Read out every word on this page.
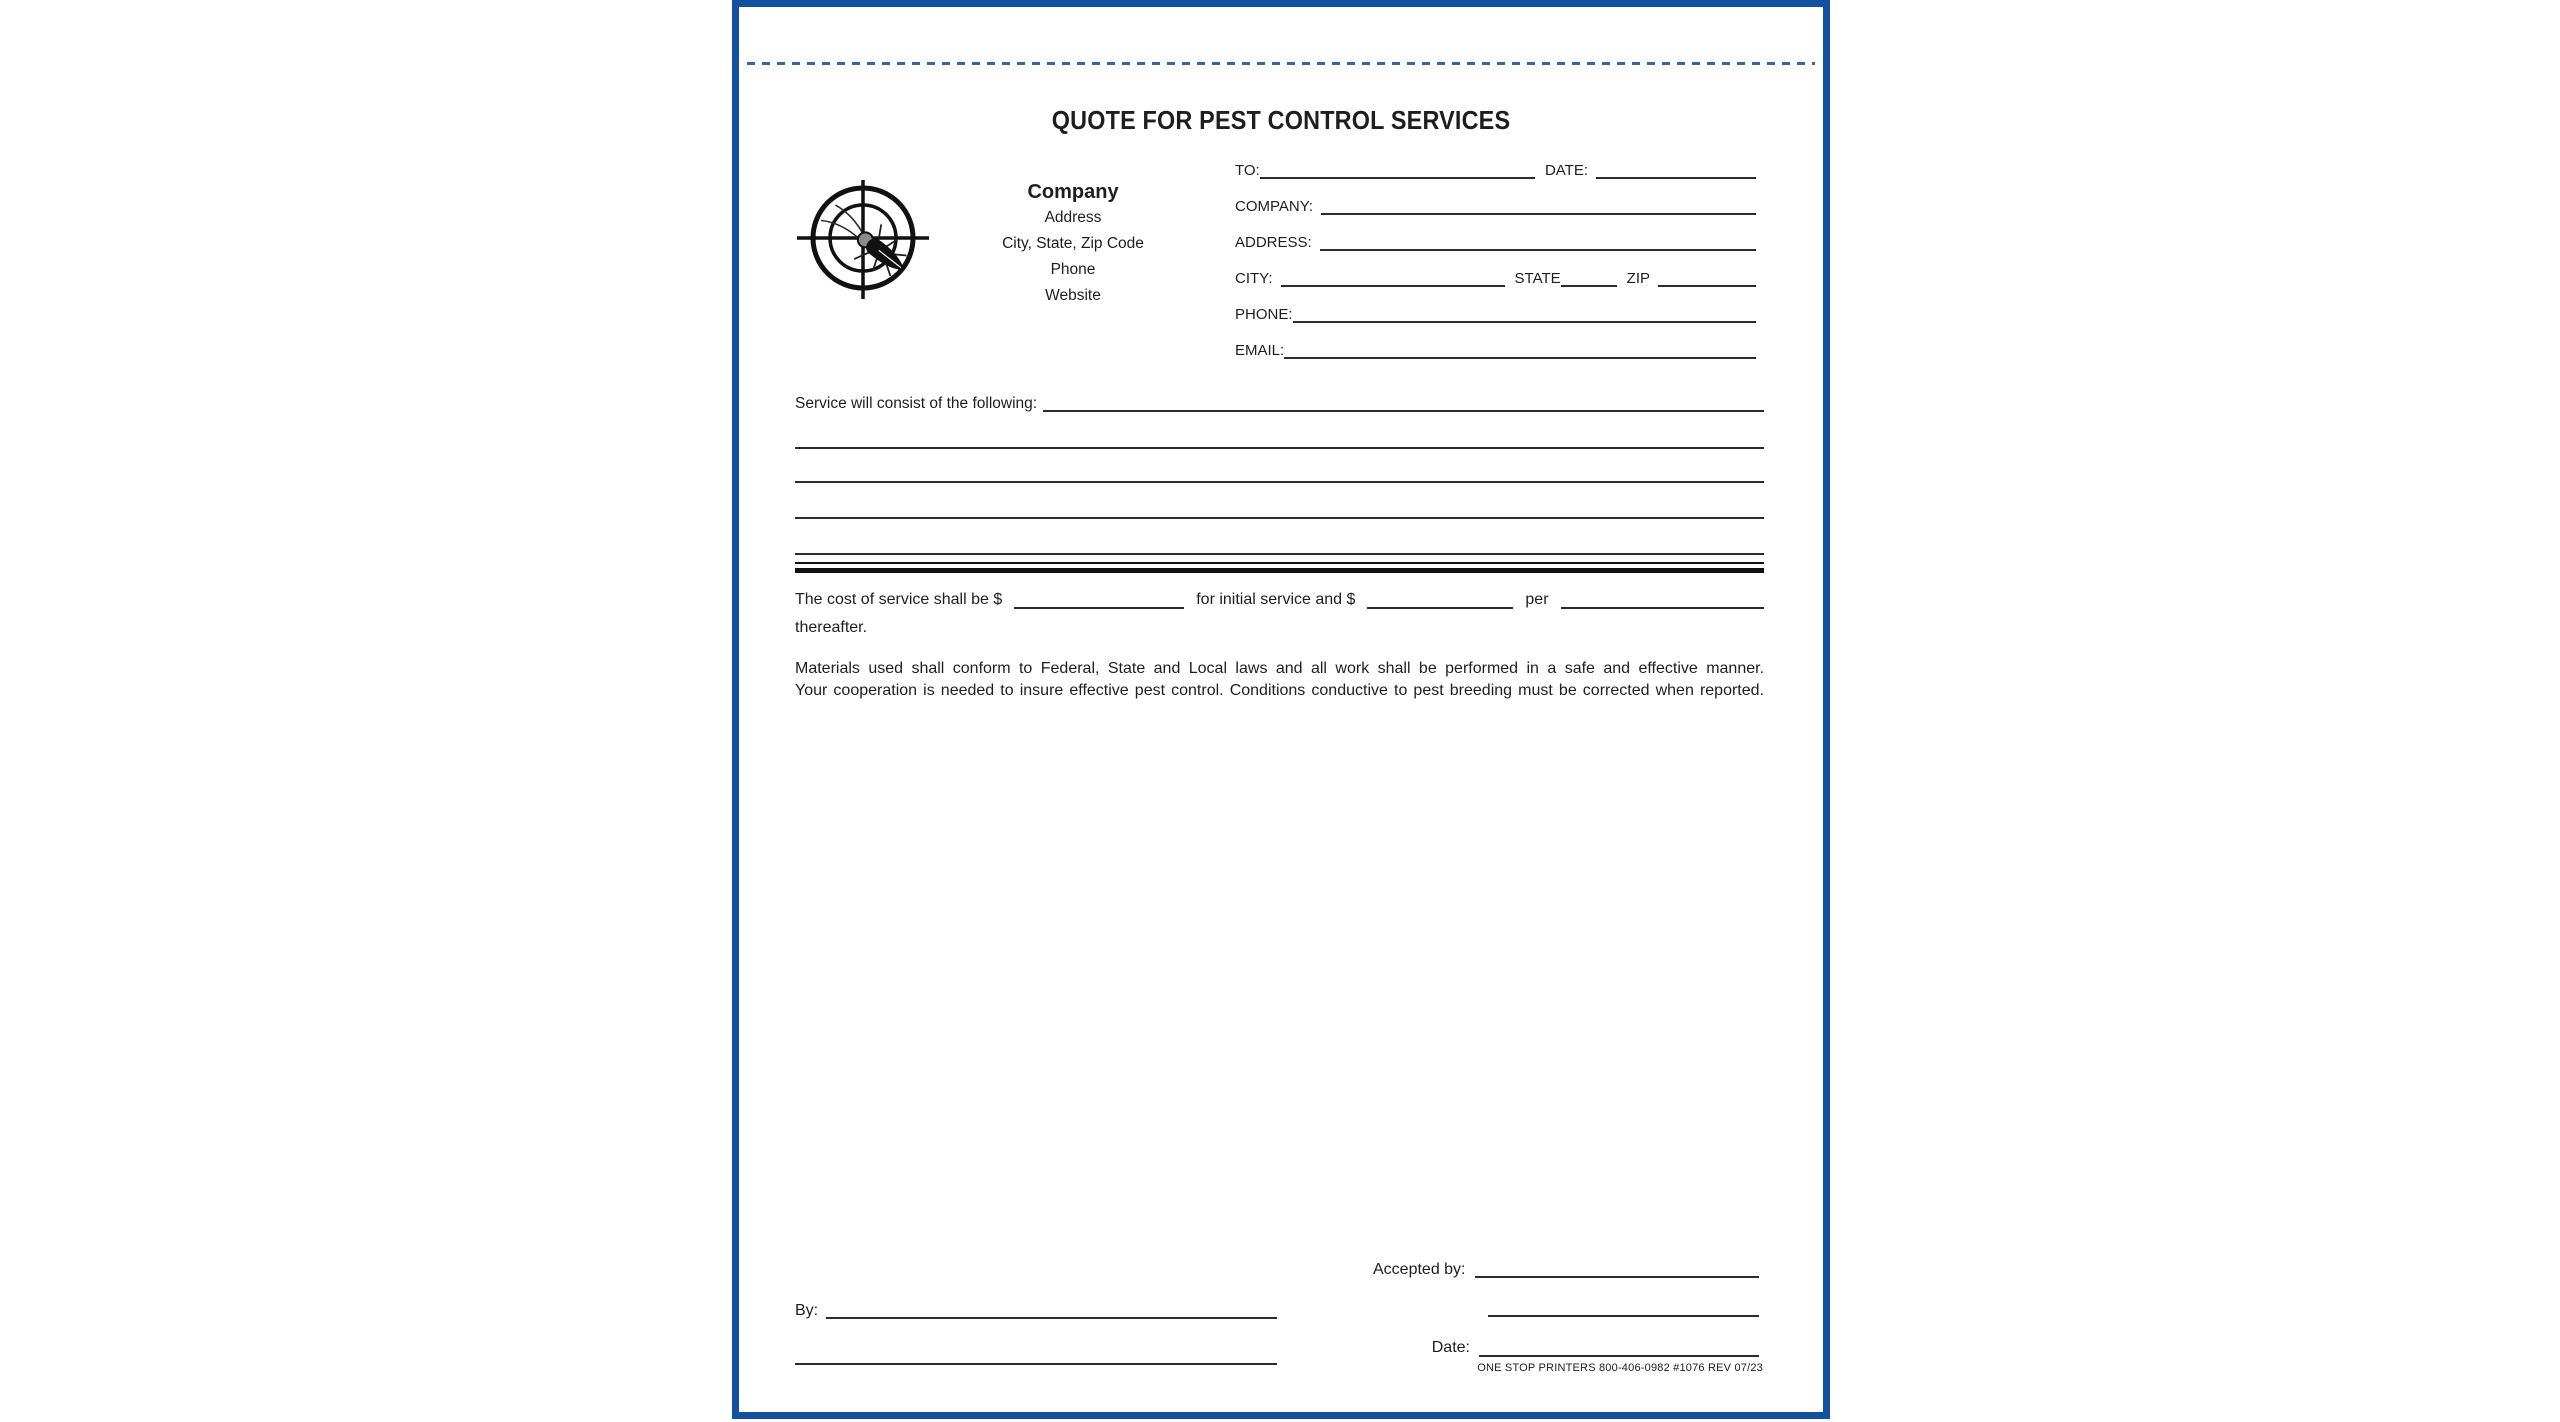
QUOTE FOR PEST CONTROL SERVICES
Company
Address
City, State, Zip Code
Phone
Website
TO:	DATE:
COMPANY:
ADDRESS:
CITY:	STATE	ZIP
PHONE:
EMAIL:
Service will consist of the following:
The cost of service shall be $	for initial service and $	per
thereafter.
Materials used shall conform to Federal, State and Local laws and all work shall be performed in a safe and effective manner.
Your cooperation is needed to insure effective pest control. Conditions conductive to pest breeding must be corrected when reported.
Accepted by:
By:
Date:
ONE STOP PRINTERS 800-406-0982 #1076 REV 07/23
